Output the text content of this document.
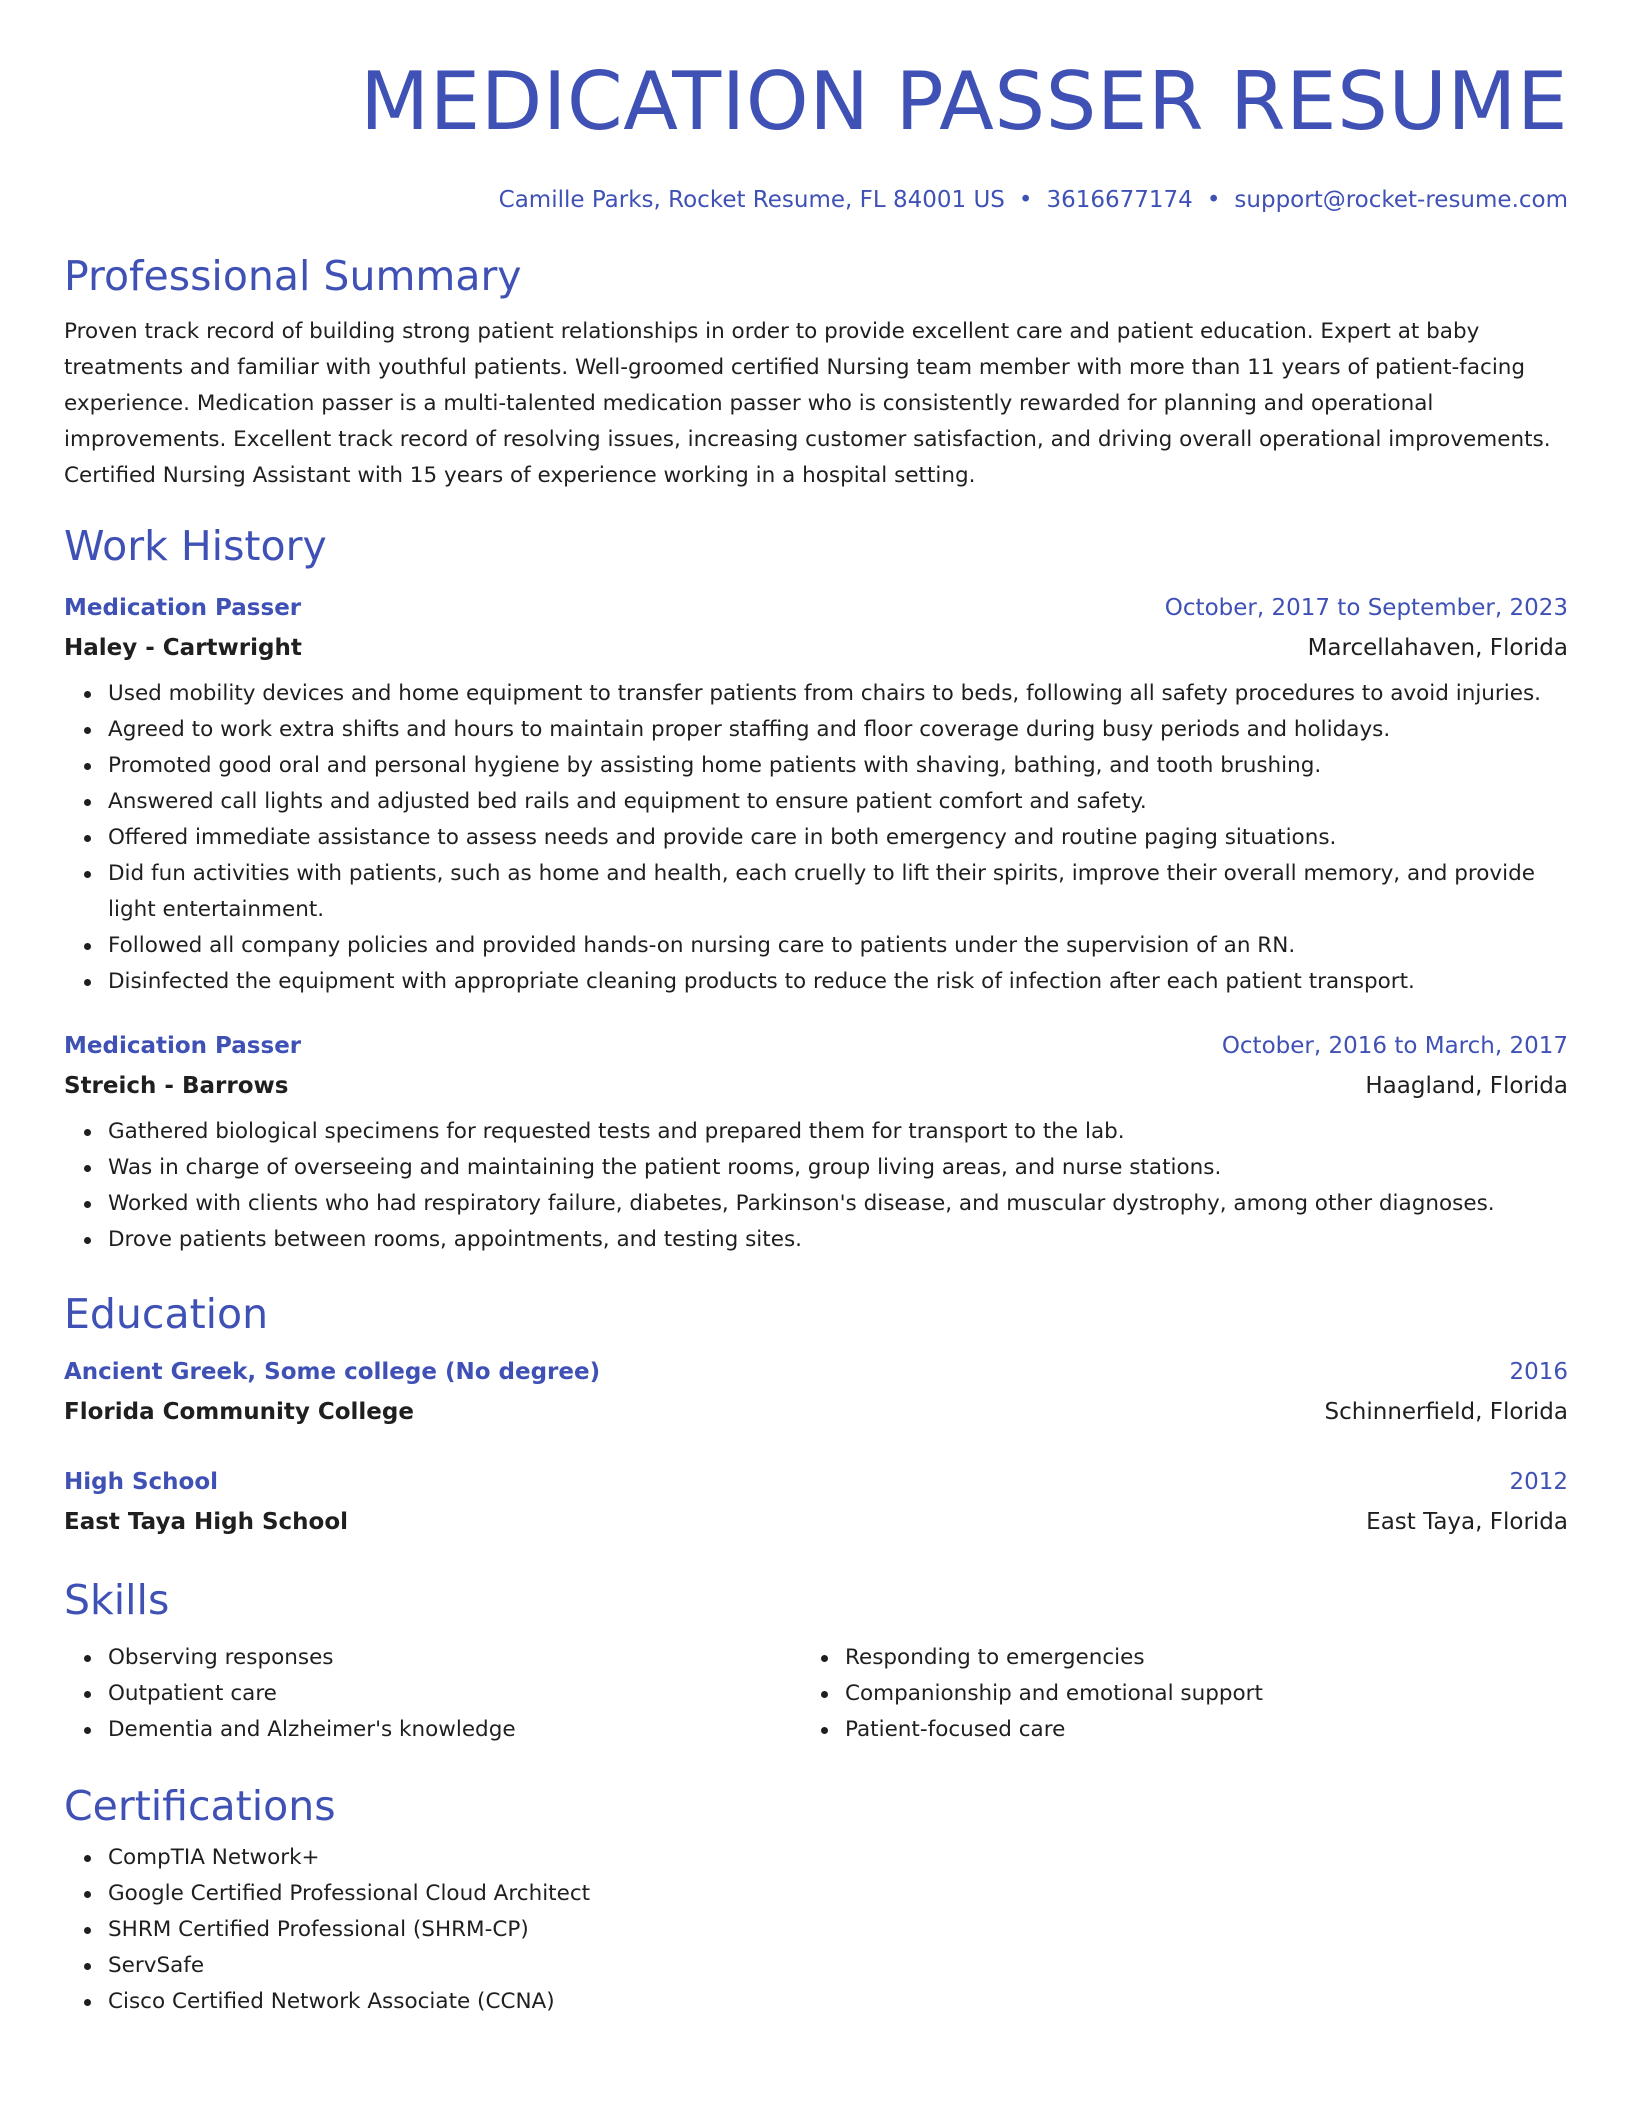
MEDICATION PASSER RESUME
Camille Parks, Rocket Resume, FL 84001 US • 3616677174 • support@rocket-resume.com
Professional Summary

Proven track record of building strong patient relationships in order to provide excellent care and patient education. Expert at baby treatments and familiar with youthful patients. Well-groomed certified Nursing team member with more than 11 years of patient-facing experience. Medication passer is a multi-talented medication passer who is consistently rewarded for planning and operational improvements. Excellent track record of resolving issues, increasing customer satisfaction, and driving overall operational improvements. Certified Nursing Assistant with 15 years of experience working in a hospital setting.

Work History
Medication Passer	October, 2017 to September, 2023
Haley - Cartwright	Marcellahaven, Florida
Used mobility devices and home equipment to transfer patients from chairs to beds, following all safety procedures to avoid injuries.
Agreed to work extra shifts and hours to maintain proper staffing and floor coverage during busy periods and holidays.
Promoted good oral and personal hygiene by assisting home patients with shaving, bathing, and tooth brushing.
Answered call lights and adjusted bed rails and equipment to ensure patient comfort and safety.
Offered immediate assistance to assess needs and provide care in both emergency and routine paging situations.
Did fun activities with patients, such as home and health, each cruelly to lift their spirits, improve their overall memory, and provide light entertainment.
Followed all company policies and provided hands-on nursing care to patients under the supervision of an RN.
Disinfected the equipment with appropriate cleaning products to reduce the risk of infection after each patient transport.
Medication Passer	October, 2016 to March, 2017
Streich - Barrows	Haagland, Florida
Gathered biological specimens for requested tests and prepared them for transport to the lab.
Was in charge of overseeing and maintaining the patient rooms, group living areas, and nurse stations.
Worked with clients who had respiratory failure, diabetes, Parkinson's disease, and muscular dystrophy, among other diagnoses.
Drove patients between rooms, appointments, and testing sites.
Education
Ancient Greek, Some college (No degree)	2016
Florida Community College	Schinnerfield, Florida
High School	2012
East Taya High School	East Taya, Florida
Skills
Observing responses
Outpatient care
Dementia and Alzheimer's knowledge
Responding to emergencies
Companionship and emotional support
Patient-focused care
Certifications
CompTIA Network+
Google Certified Professional Cloud Architect
SHRM Certified Professional (SHRM-CP)
ServSafe
Cisco Certified Network Associate (CCNA)
